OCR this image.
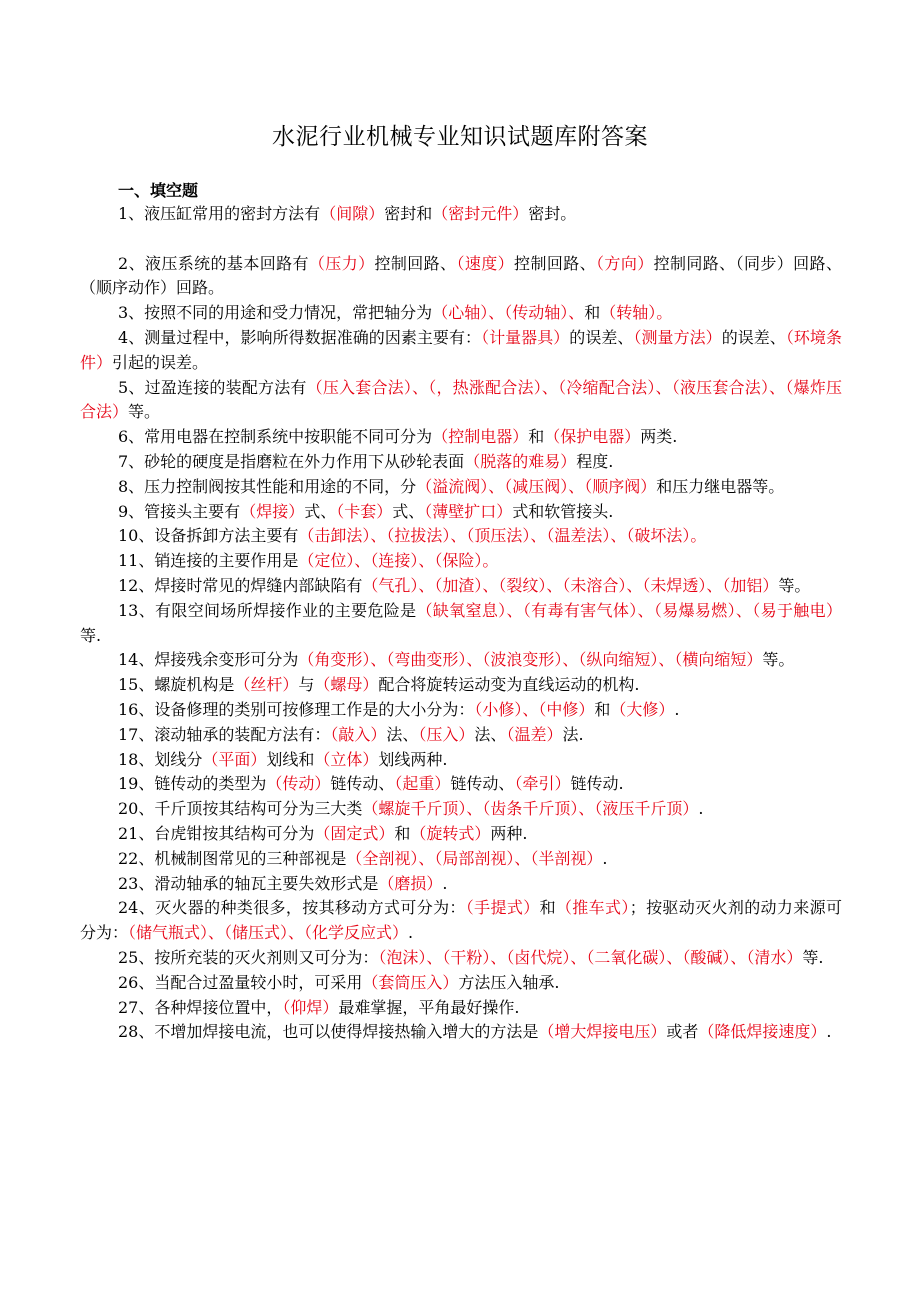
水泥行业机械专业知识试题库附答案
一、填空题

1、液压缸常用的密封方法有（间隙）密封和（密封元件）密封。

2、液压系统的基本回路有（压力）控制回路、（速度）控制回路、（方向）控制同路、（同步）回路、（顺序动作）回路。

3、按照不同的用途和受力情况，常把轴分为（心轴）、（传动轴）、和（转轴）。

4、测量过程中，影响所得数据准确的因素主要有：（计量器具）的误差、（测量方法）的误差、（环境条件）引起的误差。

5、过盈连接的装配方法有（压入套合法）、（，热涨配合法）、（冷缩配合法）、（液压套合法）、（爆炸压合法）等。

6、常用电器在控制系统中按职能不同可分为（控制电器）和（保护电器）两类.

7、砂轮的硬度是指磨粒在外力作用下从砂轮表面（脱落的难易）程度.

8、压力控制阀按其性能和用途的不同，分（溢流阀）、（减压阀）、（顺序阀）和压力继电器等。

9、管接头主要有（焊接）式、（卡套）式、（薄壁扩口）式和软管接头.

10、设备拆卸方法主要有（击卸法）、（拉拔法）、（顶压法）、（温差法）、（破坏法）。

11、销连接的主要作用是（定位）、（连接）、（保险）。

12、焊接时常见的焊缝内部缺陷有（气孔）、（加渣）、（裂纹）、（未溶合）、（未焊透）、（加铝）等。

13、有限空间场所焊接作业的主要危险是（缺氧窒息）、（有毒有害气体）、（易爆易燃）、（易于触电）等.

14、焊接残余变形可分为（角变形）、（弯曲变形）、（波浪变形）、（纵向缩短）、（横向缩短）等。

15、螺旋机构是（丝杆）与（螺母）配合将旋转运动变为直线运动的机构.

16、设备修理的类别可按修理工作是的大小分为：（小修）、（中修）和（大修）.

17、滚动轴承的装配方法有：（敲入）法、（压入）法、（温差）法.

18、划线分（平面）划线和（立体）划线两种.

19、链传动的类型为（传动）链传动、（起重）链传动、（牵引）链传动.

20、千斤顶按其结构可分为三大类（螺旋千斤顶）、（齿条千斤顶）、（液压千斤顶）.

21、台虎钳按其结构可分为（固定式）和（旋转式）两种.

22、机械制图常见的三种部视是（全剖视）、（局部剖视）、（半剖视）.

23、滑动轴承的轴瓦主要失效形式是（磨损）.

24、灭火器的种类很多，按其移动方式可分为：（手提式）和（推车式）；按驱动灭火剂的动力来源可分为：（储气瓶式）、（储压式）、（化学反应式）.

25、按所充装的灭火剂则又可分为：（泡沫）、（干粉）、（卤代烷）、（二氧化碳）、（酸碱）、（清水）等.

26、当配合过盈量较小时，可采用（套筒压入）方法压入轴承.

27、各种焊接位置中，（仰焊）最难掌握，平角最好操作.

28、不增加焊接电流，也可以使得焊接热输入增大的方法是（增大焊接电压）或者（降低焊接速度）.
